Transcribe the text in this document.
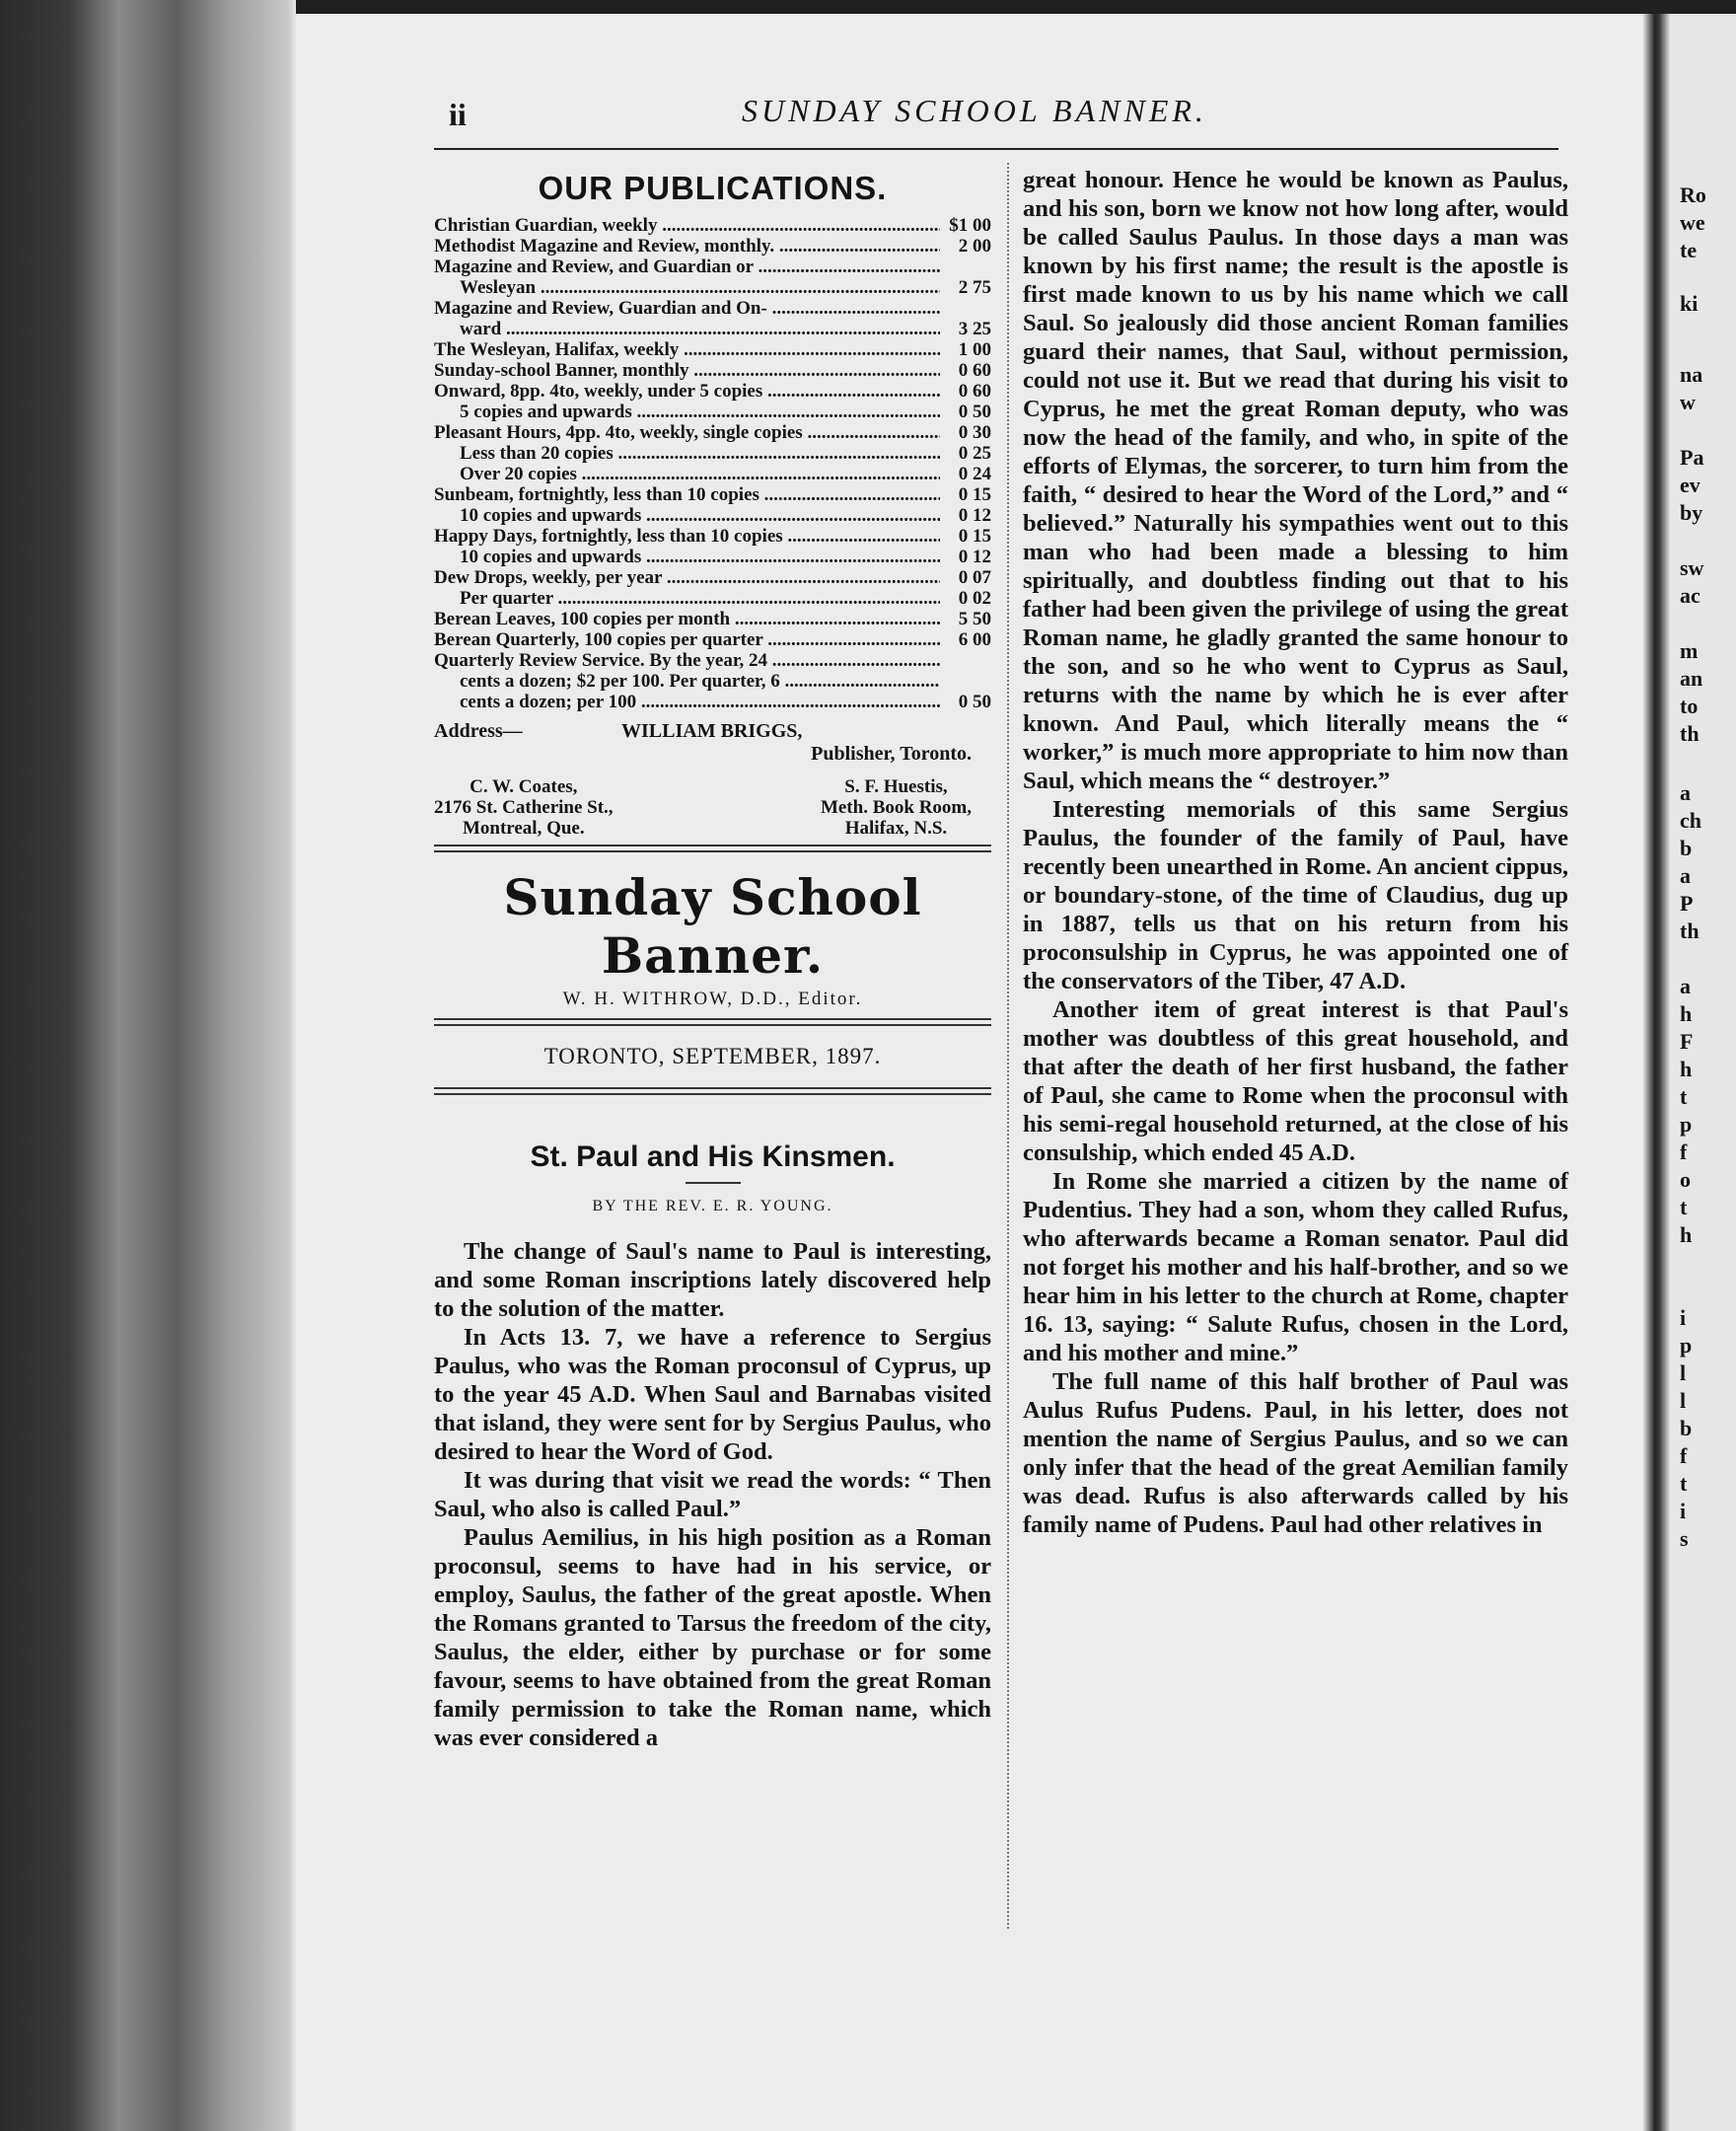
ii	SUNDAY SCHOOL BANNER.
OUR PUBLICATIONS.
Christian Guardian, weekly .....	$1 00
Methodist Magazine and Review, monthly. .....	2 00
Magazine and Review, and Guardian or .....
Wesleyan .....	2 75
Magazine and Review, Guardian and On- .....
ward .....	3 25
The Wesleyan, Halifax, weekly .....	1 00
Sunday-school Banner, monthly .....	0 60
Onward, 8pp. 4to, weekly, under 5 copies .....	0 60
5 copies and upwards .....	0 50
Pleasant Hours, 4pp. 4to, weekly, single copies .....	0 30
Less than 20 copies .....	0 25
Over 20 copies .....	0 24
Sunbeam, fortnightly, less than 10 copies .....	0 15
10 copies and upwards .....	0 12
Happy Days, fortnightly, less than 10 copies .....	0 15
10 copies and upwards .....	0 12
Dew Drops, weekly, per year .....	0 07
Per quarter .....	0 02
Berean Leaves, 100 copies per month .....	5 50
Berean Quarterly, 100 copies per quarter .....	6 00
Quarterly Review Service. By the year, 24 .....
cents a dozen; $2 per 100. Per quarter, 6 .....
cents a dozen; per 100 .....	0 50
Address—	WILLIAM BRIGGS,
Publisher, Toronto.
C. W. Coates,
2176 St. Catherine St.,
Montreal, Que.
S. F. Huestis,
Meth. Book Room,
Halifax, N.S.
Sunday School Banner.
W. H. WITHROW, D.D., Editor.
TORONTO, SEPTEMBER, 1897.
St. Paul and His Kinsmen.
BY THE REV. E. R. YOUNG.

The change of Saul's name to Paul is interesting, and some Roman inscriptions lately discovered help to the solution of the matter.

In Acts 13. 7, we have a reference to Sergius Paulus, who was the Roman proconsul of Cyprus, up to the year 45 A.D. When Saul and Barnabas visited that island, they were sent for by Sergius Paulus, who desired to hear the Word of God.

It was during that visit we read the words: “ Then Saul, who also is called Paul.”

Paulus Aemilius, in his high position as a Roman proconsul, seems to have had in his service, or employ, Saulus, the father of the great apostle. When the Romans granted to Tarsus the freedom of the city, Saulus, the elder, either by purchase or for some favour, seems to have obtained from the great Roman family permission to take the Roman name, which was ever considered a

great honour. Hence he would be known as Paulus, and his son, born we know not how long after, would be called Saulus Paulus. In those days a man was known by his first name; the result is the apostle is first made known to us by his name which we call Saul. So jealously did those ancient Roman families guard their names, that Saul, without permission, could not use it. But we read that during his visit to Cyprus, he met the great Roman deputy, who was now the head of the family, and who, in spite of the efforts of Elymas, the sorcerer, to turn him from the faith, “ desired to hear the Word of the Lord,” and “ believed.” Naturally his sympathies went out to this man who had been made a blessing to him spiritually, and doubtless finding out that to his father had been given the privilege of using the great Roman name, he gladly granted the same honour to the son, and so he who went to Cyprus as Saul, returns with the name by which he is ever after known. And Paul, which literally means the “ worker,” is much more appropriate to him now than Saul, which means the “ destroyer.”

Interesting memorials of this same Sergius Paulus, the founder of the family of Paul, have recently been unearthed in Rome. An ancient cippus, or boundary-stone, of the time of Claudius, dug up in 1887, tells us that on his return from his proconsulship in Cyprus, he was appointed one of the conservators of the Tiber, 47 A.D.

Another item of great interest is that Paul's mother was doubtless of this great household, and that after the death of her first husband, the father of Paul, she came to Rome when the proconsul with his semi-regal household returned, at the close of his consulship, which ended 45 A.D.

In Rome she married a citizen by the name of Pudentius. They had a son, whom they called Rufus, who afterwards became a Roman senator. Paul did not forget his mother and his half-brother, and so we hear him in his letter to the church at Rome, chapter 16. 13, saying: “ Salute Rufus, chosen in the Lord, and his mother and mine.”

The full name of this half brother of Paul was Aulus Rufus Pudens. Paul, in his letter, does not mention the name of Sergius Paulus, and so we can only infer that the head of the great Aemilian family was dead. Rufus is also afterwards called by his family name of Pudens. Paul had other relatives in

Ro
we
te
ki
na
w
Pa
ev
by
sw
ac
m
an
to
th
a
ch
b
a
P
th
a
h
F
h
t
p
f
o
t
h
i
p
l
l
b
f
t
i
s
